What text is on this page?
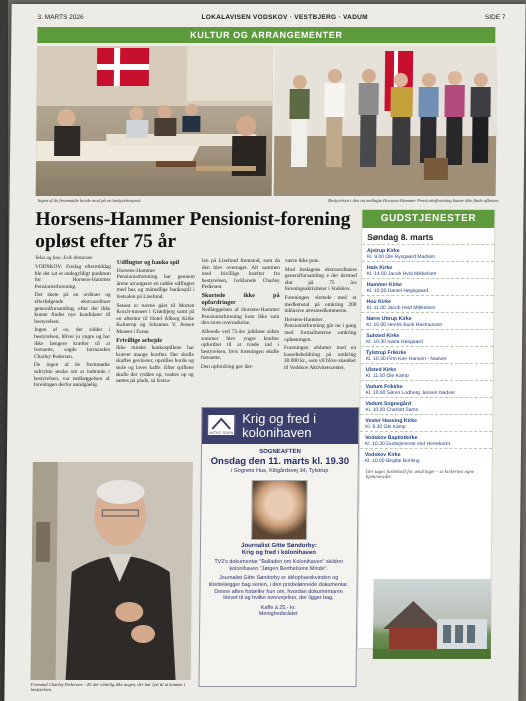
3. MARTS 2026	LOKALAVISEN VODSKOV · VESTBJERG · VADUM	SIDE 7
KULTUR OG ARRANGEMENTER
Ingen af de fremmødte havde mod på en bestyrelsespost.	Bestyrelsen i den nu nedlagte Horsens-Hammer Pensionistforening kunne ikke finde afløsere.
Horsens-Hammer Pensionist-forening opløst efter 75 år
Tekst og foto: Erik Ahnstrøm

VODSKOV: Fredag eftermiddag ble det sat et endegyldigt punktum for Horsens-Hammer Pensionistforening.

Det skete på en ordinær og efterfølgende ekstraordinær generalforsamling, efter der ikke kunne findes nye kandidater til bestyrelsen.

Ingen af os, der sidder i bestyrelsen, bliver jo yngre og har ikke længere kræfter til at fortsætte, sagde formanden Charley Pedersen.

De ingen af de fremmødte sultrykte ønske om at indtræde i bestyrelsen, var nedlæggelsen af foreningen derfor uundgåelig.

Udflugter og banko spil

Horsens-Hammer Pensionistforening har gennem årene arrangeret en række udflugter med bus og månedlige bankospil i festsalen på Lisefund.

Senest er turene gået til Morten Korch-museet i Grønbjerg samt på en aftentur til Hotel Ålborg Kirke Kalnerup og Johannes V. Jensen Museet i Farsø.

Frivillige arbejde

Ikke mindst bankospillene har krævet mange kræfter. Der skulle skaffes gevinster, opstilles borde og stole og laves kaffe. Efter spillene skulle der ryddes op, vaskes op og sættes på plads, så festsa-

len på Lisefund fremstod, som da den blev overtaget. Alt sammen med frivillige kræfter fra bestyrelsen, forklarede Charley Pedersen.

Skortede ikke på opfordringer

Nedlæggelsen af Horsens-Hammer Pensionistforening kom ikke som den store overraskelse.

Allerede ved 75-års jubilæet sidste sommer blev yngre kræfter opfordret til at træde ind i bestyrelsen, hvis foreningen skulle fortsætte.

Den opfordring gav der-

værre ikke pote.

Mod fredagens ekstraordinære generalforsamling e der dermed slut på 75 års foreningsaktiviteter i Vodskov.

Foreningen slettede med et medlemstal på omkring 200 inklusive æresmedlemmerne.

Horsens-Hammer Pensionistforening går nu i gang med formaliteterne omkring opløsningen.

Foreningen afslutter med en kassebeholdning på omkring 30.000 kr., som vil blive skænket til Vodskov Aktivitetscenter.

Formand Charley Pedersen: - Er der virkelig ikke nogen, der har lyst til at komme i bestyrelsen.
AKTIVT SOGN
Krig og fred i kolonihaven
SOGNEAFTEN
Onsdag den 11. marts kl. 19.30
i Sognets Hus, Klitgårdsvej 34, Tylstrup
Journalist Gitte Søndorby:
Krig og fred i kolonihaven
TV2's dokumentar "Balladen om Kolonihaven" skildrer kolonihaven "Jørgen Berthelsens Minde".
Journalist Gitte Søndorby er idéophavskvinden og tilrettelægger bag serien, i den prisbelønnede dokumentar. Denne aften fortæller hun om, hvordan dokumentaren blevet til og hvilke overvejelser, der ligger bag.
Kaffe à 25,- kr.
Menighedsrådet
GUDSTJENESTER
Søndag 8. marts
Ajstrup Kirke
Kl. 9.00 Ole Rysgaard Madsen
Hals Kirke
Kl. 14.00 Jacob Hvid Mikkelsen
Hammer Kirke
Kl. 10.00 Daniel Høgsgaard
Hou Kirke
Kl. 11.00 Jacob Hvid Mikkelsen
Nørre Uttrup Kirke
Kl. 10.00 Henrik Busk Rasmussen
Sulsted Kirke
Kl. 10.30 Ivana Høsgaard
Tylstrup Frikirke
Kl. 10.30 Finn Kier-Hansen - Nadver
Ulsted Kirke
Kl. 11.00 Ole Kamp
Vadum Frikirke
Kl. 10.00 Søren Lodberg Jensen Nadver
Vadum Sognegård
Kl. 10.00 Charlott Sams
Vester Hassing Kirke
Kl. 9.30 Ole Kamp
Vodskov Baptistkirke
Kl. 10.30 Gudstjeneste ved Herrekoret
Vodskov Kirke
Kl. 10.00 Birgitte Bohling
Der tages forbehold for ændringer - se kirkernes egne hjemmesider.
